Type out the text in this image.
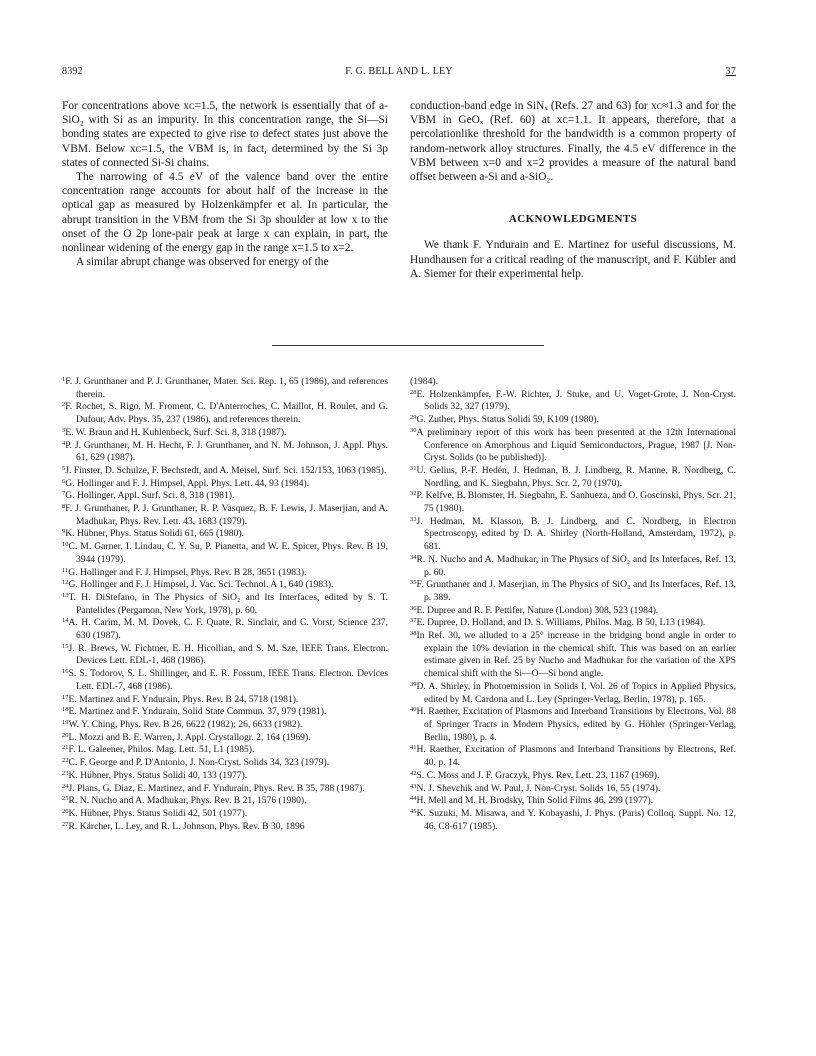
8392	F. G. BELL AND L. LEY	37

For concentrations above xᴄ=1.5, the network is essentially that of a-SiO₂ with Si as an impurity. In this concentration range, the Si—Si bonding states are expected to give rise to defect states just above the VBM. Below xᴄ=1.5, the VBM is, in fact, determined by the Si 3p states of connected Si-Si chains.

The narrowing of 4.5 eV of the valence band over the entire concentration range accounts for about half of the increase in the optical gap as measured by Holzenkämpfer et al. In particular, the abrupt transition in the VBM from the Si 3p shoulder at low x to the onset of the O 2p lone-pair peak at large x can explain, in part, the nonlinear widening of the energy gap in the range x=1.5 to x=2.

A similar abrupt change was observed for energy of the

conduction-band edge in SiNₓ (Refs. 27 and 63) for xᴄ≈1.3 and for the VBM in GeOₓ (Ref. 60) at xᴄ=1.1. It appears, therefore, that a percolationlike threshold for the bandwidth is a common property of random-network alloy structures. Finally, the 4.5 eV difference in the VBM between x=0 and x=2 provides a measure of the natural band offset between a-Si and a-SiO₂.

ACKNOWLEDGMENTS

We thank F. Yndurain and E. Martinez for useful discussions, M. Hundhausen for a critical reading of the manuscript, and F. Kübler and A. Siemer for their experimental help.

$^1$F. J. Grunthaner and P. J. Grunthaner, Mater. Sci. Rep. 1, 65 (1986), and references therein.
$^2$F. Rochet, S. Rigo, M. Froment, C. D'Anterroches, C. Maillot, H. Roulet, and G. Dufour, Adv. Phys. 35, 237 (1986), and references therein.
$^3$E. W. Braun and H. Kuhlenbeck, Surf. Sci. 8, 318 (1987).
$^4$P. J. Grunthaner, M. H. Hecht, F. J. Grunthaner, and N. M. Johnson, J. Appl. Phys. 61, 629 (1987).
$^5$J. Finster, D. Schulze, F. Bechstedt, and A. Meisel, Surf. Sci. 152/153, 1063 (1985).
$^6$G. Hollinger and F. J. Himpsel, Appl. Phys. Lett. 44, 93 (1984).
$^7$G. Hollinger, Appl. Surf. Sci. 8, 318 (1981).
$^8$F. J. Grunthaner, P. J. Grunthaner, R. P. Vasquez, B. F. Lewis, J. Maserjian, and A. Madhukar, Phys. Rev. Lett. 43, 1683 (1979).
$^9$K. Hübner, Phys. Status Solidi 61, 665 (1980).
$^{10}$C. M. Garner, I. Lindau, C. Y. Su, P. Pianetta, and W. E. Spicer, Phys. Rev. B 19, 3944 (1979).
$^{11}$G. Hollinger and F. J. Himpsel, Phys. Rev. B 28, 3651 (1983).
$^{12}$G. Hollinger and F. J. Himpsel, J. Vac. Sci. Technol. A 1, 640 (1983).
$^{13}$T. H. DiStefano, in The Physics of SiO₂ and Its Interfaces, edited by S. T. Pantelides (Pergamon, New York, 1978), p. 60.
$^{14}$A. H. Carim, M. M. Dovek, C. F. Quate, R. Sinclair, and C. Vorst, Science 237, 630 (1987).
$^{15}$J. R. Brews, W. Fichtner, E. H. Hicollian, and S. M. Sze, IEEE Trans. Electron. Devices Lett. EDL-1, 468 (1986).
$^{16}$S. S. Todorov, S. L. Shillinger, and E. R. Fossum, IEEE Trans. Electron. Devices Lett. EDL-7, 468 (1986).
$^{17}$E. Martinez and F. Yndurain, Phys. Rev. B 24, 5718 (1981).
$^{18}$E. Martinez and F. Yndurain, Solid State Commun. 37, 979 (1981).
$^{19}$W. Y. Ching, Phys. Rev. B 26, 6622 (1982); 26, 6633 (1982).
$^{20}$L. Mozzi and B. E. Warren, J. Appl. Crystallogr. 2, 164 (1969).
$^{21}$F. L. Galeener, Philos. Mag. Lett. 51, L1 (1985).
$^{22}$C. F. George and P. D'Antonio, J. Non-Cryst. Solids 34, 323 (1979).
$^{23}$K. Hübner, Phys. Status Solidi 40, 133 (1977).
$^{24}$J. Plans, G. Diaz, E. Martinez, and F. Yndurain, Phys. Rev. B 35, 788 (1987).
$^{25}$R. N. Nucho and A. Madhukar, Phys. Rev. B 21, 1576 (1980).
$^{26}$K. Hübner, Phys. Status Solidi 42, 501 (1977).
$^{27}$R. Kärcher, L. Ley, and R. L. Johnson, Phys. Rev. B 30, 1896
(1984).
$^{28}$E. Holzenkämpfer, F.-W. Richter, J. Stuke, and U. Voget-Grote, J. Non-Cryst. Solids 32, 327 (1979).
$^{29}$G. Zuther, Phys. Status Solidi 59, K109 (1980).
$^{30}$A preliminary report of this work has been presented at the 12th International Conference on Amorphous and Liquid Semiconductors, Prague, 1987 [J. Non-Cryst. Solids (to be published)].
$^{31}$U. Gelius, P.-F. Hedén, J. Hedman, B. J. Lindberg, R. Manne, R. Nordberg, C. Nordling, and K. Siegbahn, Phys. Scr. 2, 70 (1970).
$^{32}$P. Kelfve, B. Blomster, H. Siegbahn, E. Sanhueza, and O. Goscinski, Phys. Scr. 21, 75 (1980).
$^{33}$J. Hedman, M. Klasson, B. J. Lindberg, and C. Nordberg, in Electron Spectroscopy, edited by D. A. Shirley (North-Holland, Amsterdam, 1972), p. 681.
$^{34}$R. N. Nucho and A. Madhukar, in The Physics of SiO₂ and Its Interfaces, Ref. 13, p. 60.
$^{35}$F. Grunthaner and J. Maserjian, in The Physics of SiO₂ and Its Interfaces, Ref. 13, p. 389.
$^{36}$E. Dupree and R. F. Pettifer, Nature (London) 308, 523 (1984).
$^{37}$E. Dupree, D. Holland, and D. S. Williams, Philos. Mag. B 50, L13 (1984).
$^{38}$In Ref. 30, we alluded to a 25° increase in the bridging bond angle in order to explain the 10% deviation in the chemical shift. This was based on an earlier estimate given in Ref. 25 by Nucho and Madhukar for the variation of the XPS chemical shift with the Si—O—Si bond angle.
$^{39}$D. A. Shirley, in Photoemission in Solids I, Vol. 26 of Topics in Applied Physics, edited by M. Cardona and L. Ley (Springer-Verlag, Berlin, 1978), p. 165.
$^{40}$H. Raether, Excitation of Plasmons and Interband Transitions by Electrons, Vol. 88 of Springer Tracts in Modern Physics, edited by G. Höhler (Springer-Verlag, Berlin, 1980), p. 4.
$^{41}$H. Raether, Excitation of Plasmons and Interband Transitions by Electrons, Ref. 40, p. 14.
$^{42}$S. C. Moss and J. F. Graczyk, Phys. Rev. Lett. 23, 1167 (1969).
$^{43}$N. J. Shevchik and W. Paul, J. Non-Cryst. Solids 16, 55 (1974).
$^{44}$H. Mell and M. H. Brodsky, Thin Solid Films 46, 299 (1977).
$^{45}$K. Suzuki, M. Misawa, and Y. Kobayashi, J. Phys. (Paris) Colloq. Suppl. No. 12, 46, C8-617 (1985).
